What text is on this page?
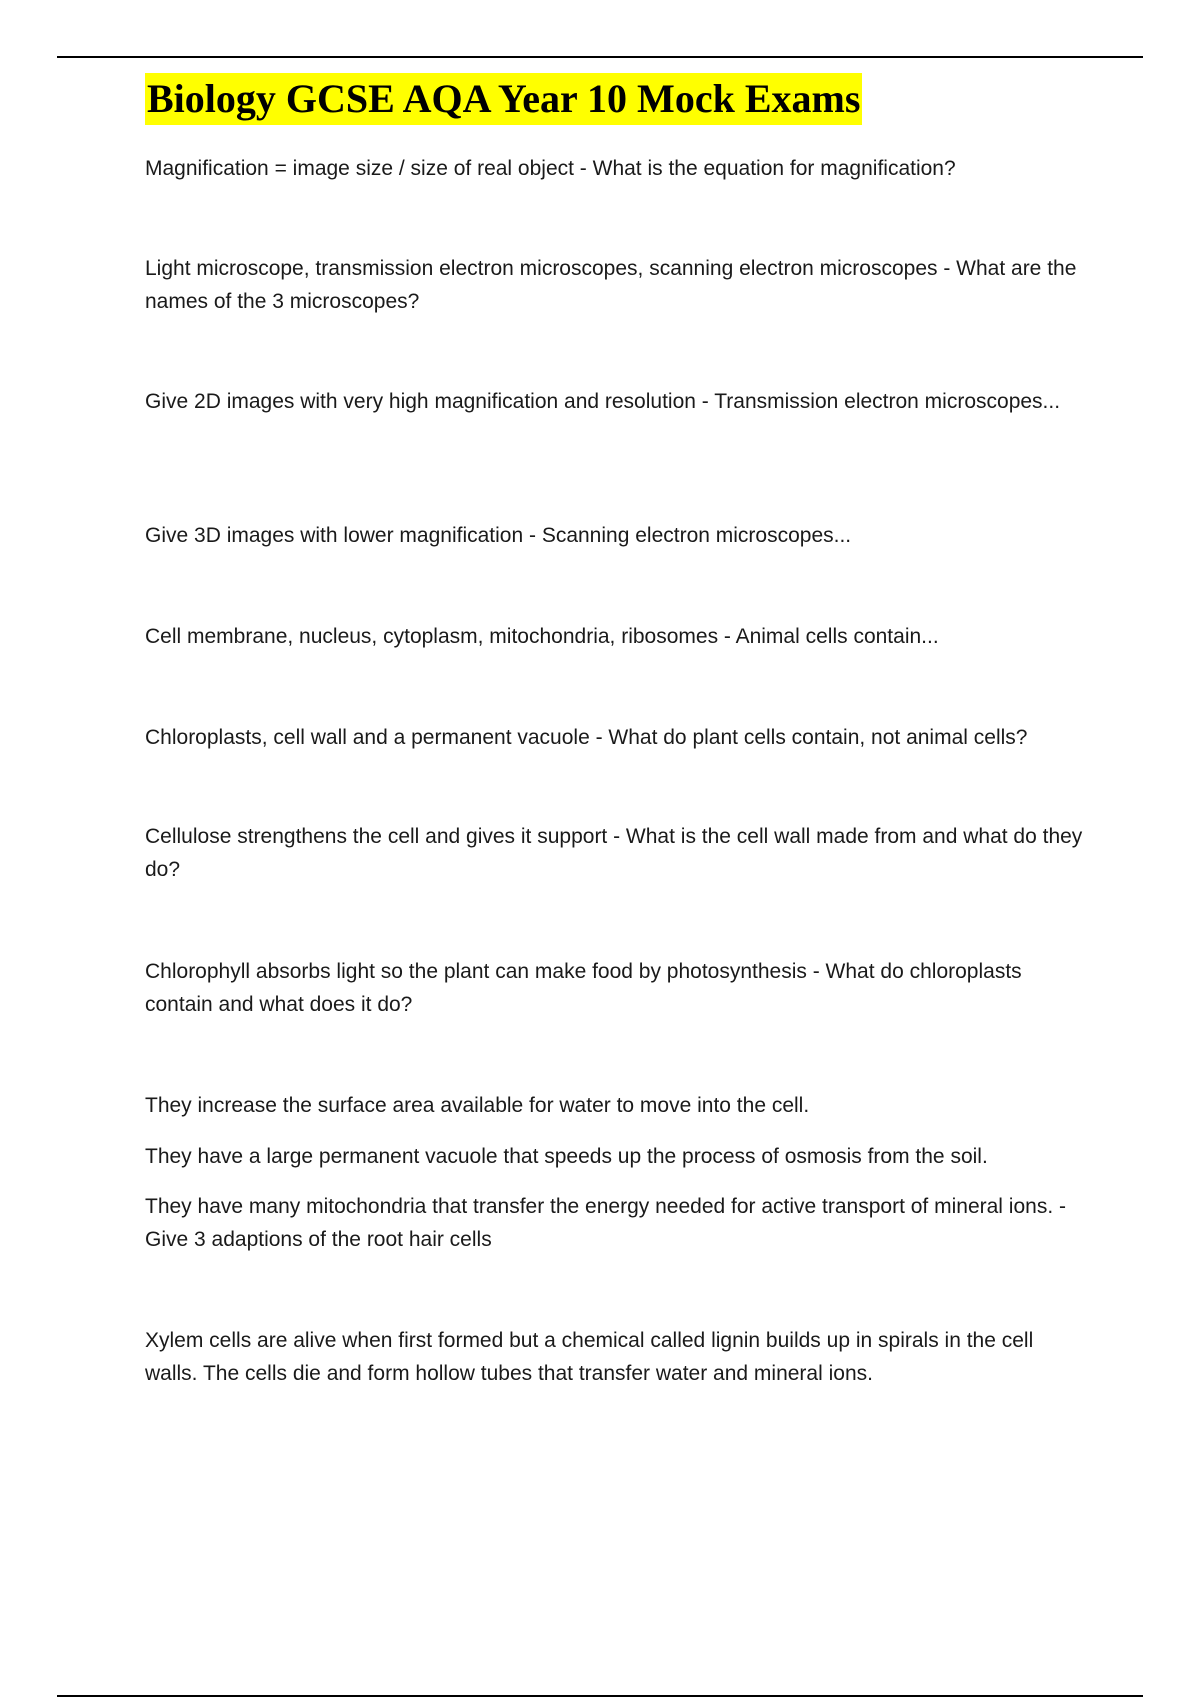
Biology GCSE AQA Year 10 Mock Exams

Magnification = image size / size of real object - What is the equation for magnification?

Light microscope, transmission electron microscopes, scanning electron microscopes - What are the names of the 3 microscopes?

Give 2D images with very high magnification and resolution - Transmission electron microscopes...

Give 3D images with lower magnification - Scanning electron microscopes...

Cell membrane, nucleus, cytoplasm, mitochondria, ribosomes - Animal cells contain...

Chloroplasts, cell wall and a permanent vacuole - What do plant cells contain, not animal cells?

Cellulose strengthens the cell and gives it support - What is the cell wall made from and what do they do?

Chlorophyll absorbs light so the plant can make food by photosynthesis - What do chloroplasts contain and what does it do?

They increase the surface area available for water to move into the cell.

They have a large permanent vacuole that speeds up the process of osmosis from the soil.

They have many mitochondria that transfer the energy needed for active transport of mineral ions. - Give 3 adaptions of the root hair cells

Xylem cells are alive when first formed but a chemical called lignin builds up in spirals in the cell walls. The cells die and form hollow tubes that transfer water and mineral ions.
